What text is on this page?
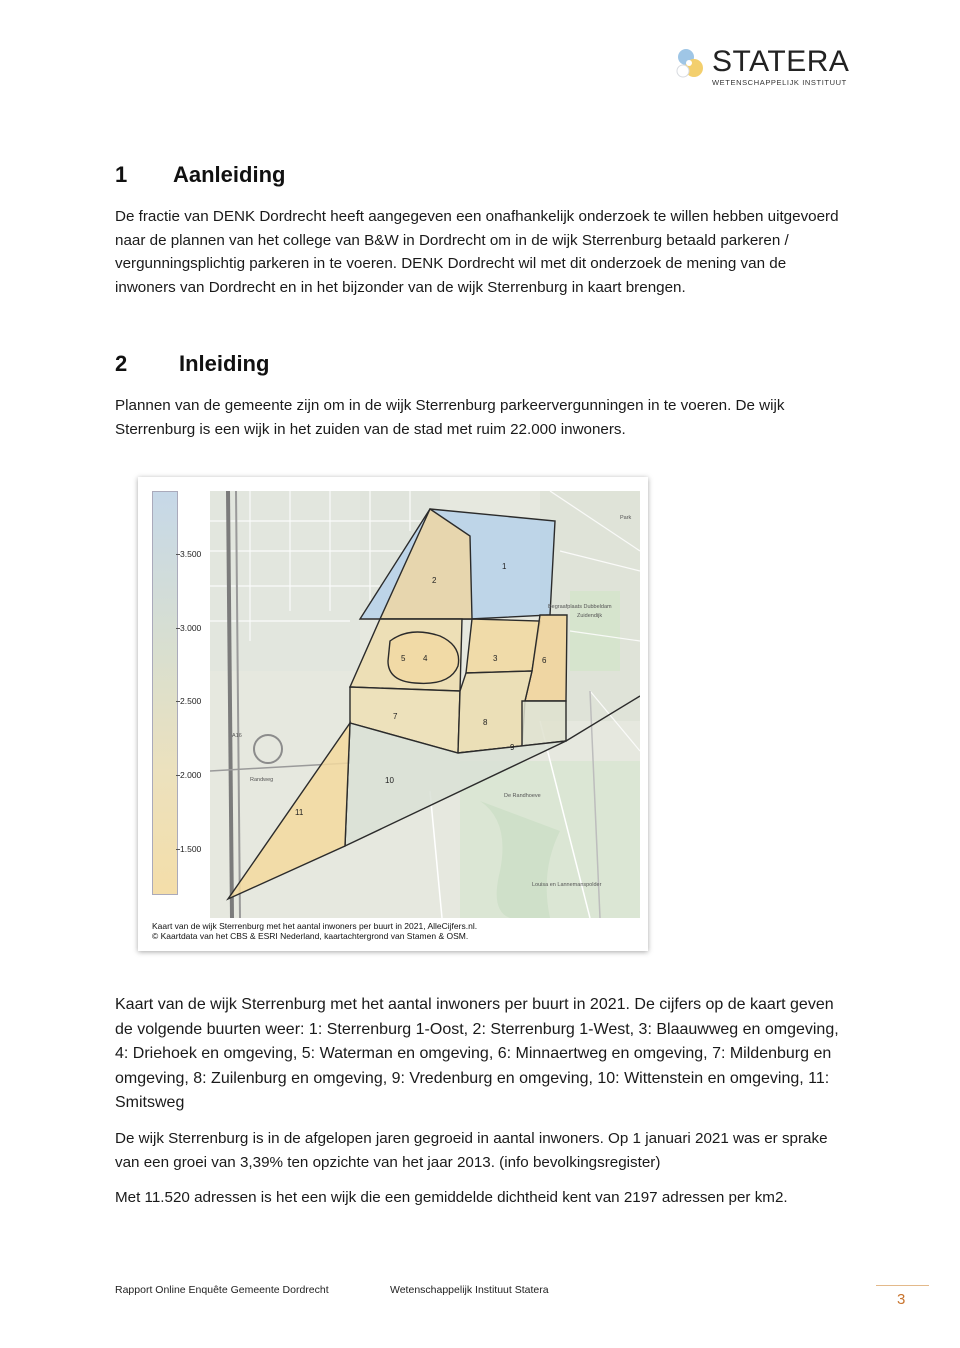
STATERA
WETENSCHAPPELIJK INSTITUUT
1 Aanleiding

De fractie van DENK Dordrecht heeft aangegeven een onafhankelijk onderzoek te willen hebben uitgevoerd naar de plannen van het college van B&W in Dordrecht om in de wijk Sterrenburg betaald parkeren / vergunningsplichtig parkeren in te voeren. DENK Dordrecht wil met dit onderzoek de mening van de inwoners van Dordrecht en in het bijzonder van de wijk Sterrenburg in kaart brengen.

2 Inleiding

Plannen van de gemeente zijn om in de wijk Sterrenburg parkeervergunningen in te voeren. De wijk Sterrenburg is een wijk in het zuiden van de stad met ruim 22.000 inwoners.

3.500
3.000
2.500
2.000
1.500
1
2
3
4
5	6
7
8
9
10
11
Begraafplaats Dubbeldam
De Randhoeve
Louisa en Lannemanspolder
Zuidendijk
Park
Randweg
A16
Kaart van de wijk Sterrenburg met het aantal inwoners per buurt in 2021, AlleCijfers.nl.
© Kaartdata van het CBS & ESRI Nederland, kaartachtergrond van Stamen & OSM.

Kaart van de wijk Sterrenburg met het aantal inwoners per buurt in 2021. De cijfers op de kaart geven de volgende buurten weer: 1: Sterrenburg 1-Oost, 2: Sterrenburg 1-West, 3: Blaauwweg en omgeving, 4: Driehoek en omgeving, 5: Waterman en omgeving, 6: Minnaertweg en omgeving, 7: Mildenburg en omgeving, 8: Zuilenburg en omgeving, 9: Vredenburg en omgeving, 10: Wittenstein en omgeving, 11: Smitsweg

De wijk Sterrenburg is in de afgelopen jaren gegroeid in aantal inwoners. Op 1 januari 2021 was er sprake van een groei van 3,39% ten opzichte van het jaar 2013. (info bevolkingsregister)

Met 11.520 adressen is het een wijk die een gemiddelde dichtheid kent van 2197 adressen per km2.

Rapport Online Enquête Gemeente Dordrecht	Wetenschappelijk Instituut Statera
3
